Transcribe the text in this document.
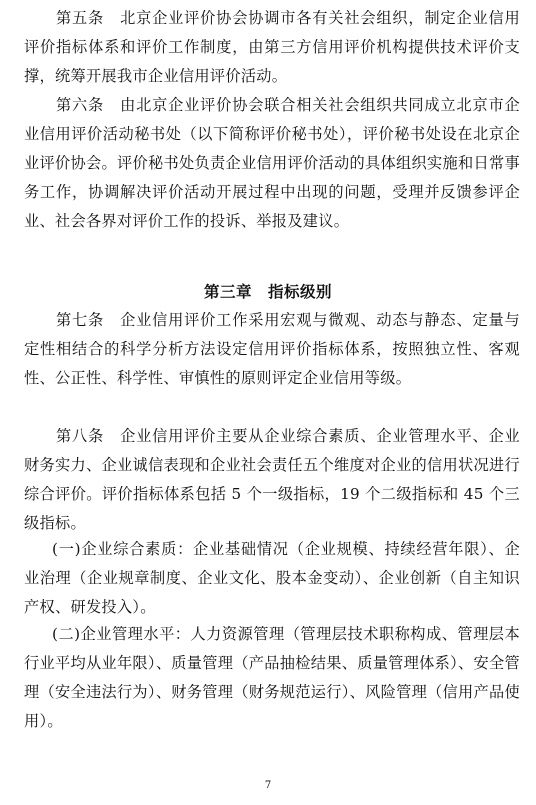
第五条　北京企业评价协会协调市各有关社会组织，制定企业信用评价指标体系和评价工作制度，由第三方信用评价机构提供技术评价支撑，统筹开展我市企业信用评价活动。

第六条　由北京企业评价协会联合相关社会组织共同成立北京市企业信用评价活动秘书处（以下简称评价秘书处），评价秘书处设在北京企业评价协会。评价秘书处负责企业信用评价活动的具体组织实施和日常事务工作，协调解决评价活动开展过程中出现的问题，受理并反馈参评企业、社会各界对评价工作的投诉、举报及建议。

第三章　指标级别

第七条　企业信用评价工作采用宏观与微观、动态与静态、定量与定性相结合的科学分析方法设定信用评价指标体系，按照独立性、客观性、公正性、科学性、审慎性的原则评定企业信用等级。

第八条　企业信用评价主要从企业综合素质、企业管理水平、企业财务实力、企业诚信表现和企业社会责任五个维度对企业的信用状况进行综合评价。评价指标体系包括 5 个一级指标，19 个二级指标和 45 个三级指标。

(一)企业综合素质：企业基础情况（企业规模、持续经营年限）、企业治理（企业规章制度、企业文化、股本金变动）、企业创新（自主知识产权、研发投入）。

(二)企业管理水平：人力资源管理（管理层技术职称构成、管理层本行业平均从业年限）、质量管理（产品抽检结果、质量管理体系）、安全管理（安全违法行为）、财务管理（财务规范运行）、风险管理（信用产品使用）。

7
